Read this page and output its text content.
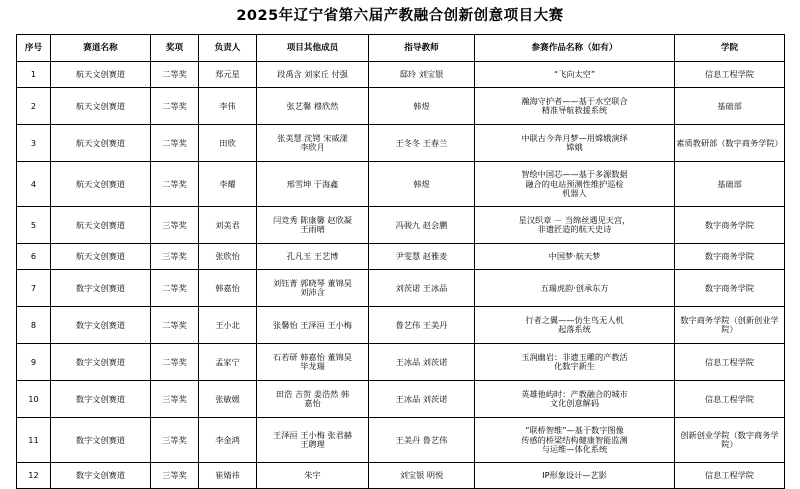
2025年辽宁省第六届产教融合创新创意项目大赛
序号	赛道名称	奖项	负责人	项目其他成员	指导教师	参赛作品名称（如有）	学院

1	航天文创赛道	二等奖	郑元星	段禹含 刘家丘 付强	邸玲 刘宝银	“飞向太空”	信息工程学院

2	航天文创赛道	二等奖	李伟	张艺馨 穆欣然	韩煜	瀚海守护者——基于水空联合
精准导航救援系统	基础部

3	航天文创赛道	二等奖	田欣	张美慧 沈锷 宋威漾
李欣月	王冬冬 王春兰	中联古今奔月梦—用嫦娥演绎
嫦娥	素质教研部（数字商务学院）

4	航天文创赛道	二等奖	李耀	邢雪坤 于海鑫	韩煜	智绘中国芯——基于多源数据
融合的电站预测性维护巡检
机器人	基础部

5	航天文创赛道	三等奖	刘美君	闫竞秀 陈康馨 赵欣凝
王雨晴	冯骏九 赵会鹏	星汉织章 － 当绵丝遇见天宫，
非遗匠造的航天史诗	数字商务学院

6	航天文创赛道	三等奖	张欣怡	孔凡玉 王艺博	尹雯慧 赵雅麦	中国梦·航天梦	数字商务学院

7	数字文创赛道	二等奖	韩嘉怡	刘钰菁 郭晓琴 董锦昊
刘沛含	刘茨诺 王冰品	五瑞虎韵·创承东方	数字商务学院

8	数字文创赛道	二等奖	王小北	张馨怡 王泽洹 王小梅	鲁艺伟 王美丹	行者之翼——仿生鸟无人机
起落系统	数字商务学院（创新创业学院）

9	数字文创赛道	二等奖	孟家宁	石若研 韩嘉怡 董锦昊
毕龙瑞	王冰品 刘茨诺	玉润幽岩：非遗玉雕的产教活
化数字新生	信息工程学院

10	数字文创赛道	三等奖	张敏媛	田浩 吉贺 姜浩然 韩
嘉怡	王冰品 刘茨诺	英雄他屿时：产教融合的城市
文化创意解码	信息工程学院

11	数字文创赛道	三等奖	李金鸿	王泽洹 王小梅 张君赫
王聘理	王美丹 鲁艺伟	“联桥智维”—基于数字图像
传感的桥梁结构健康智能监测
与运维—体化系统	创新创业学院（数字商务学院）

12	数字文创赛道	三等奖	崔婧祎	朱宇	刘宝银 明悦	IP形象设计—艺影	信息工程学院
